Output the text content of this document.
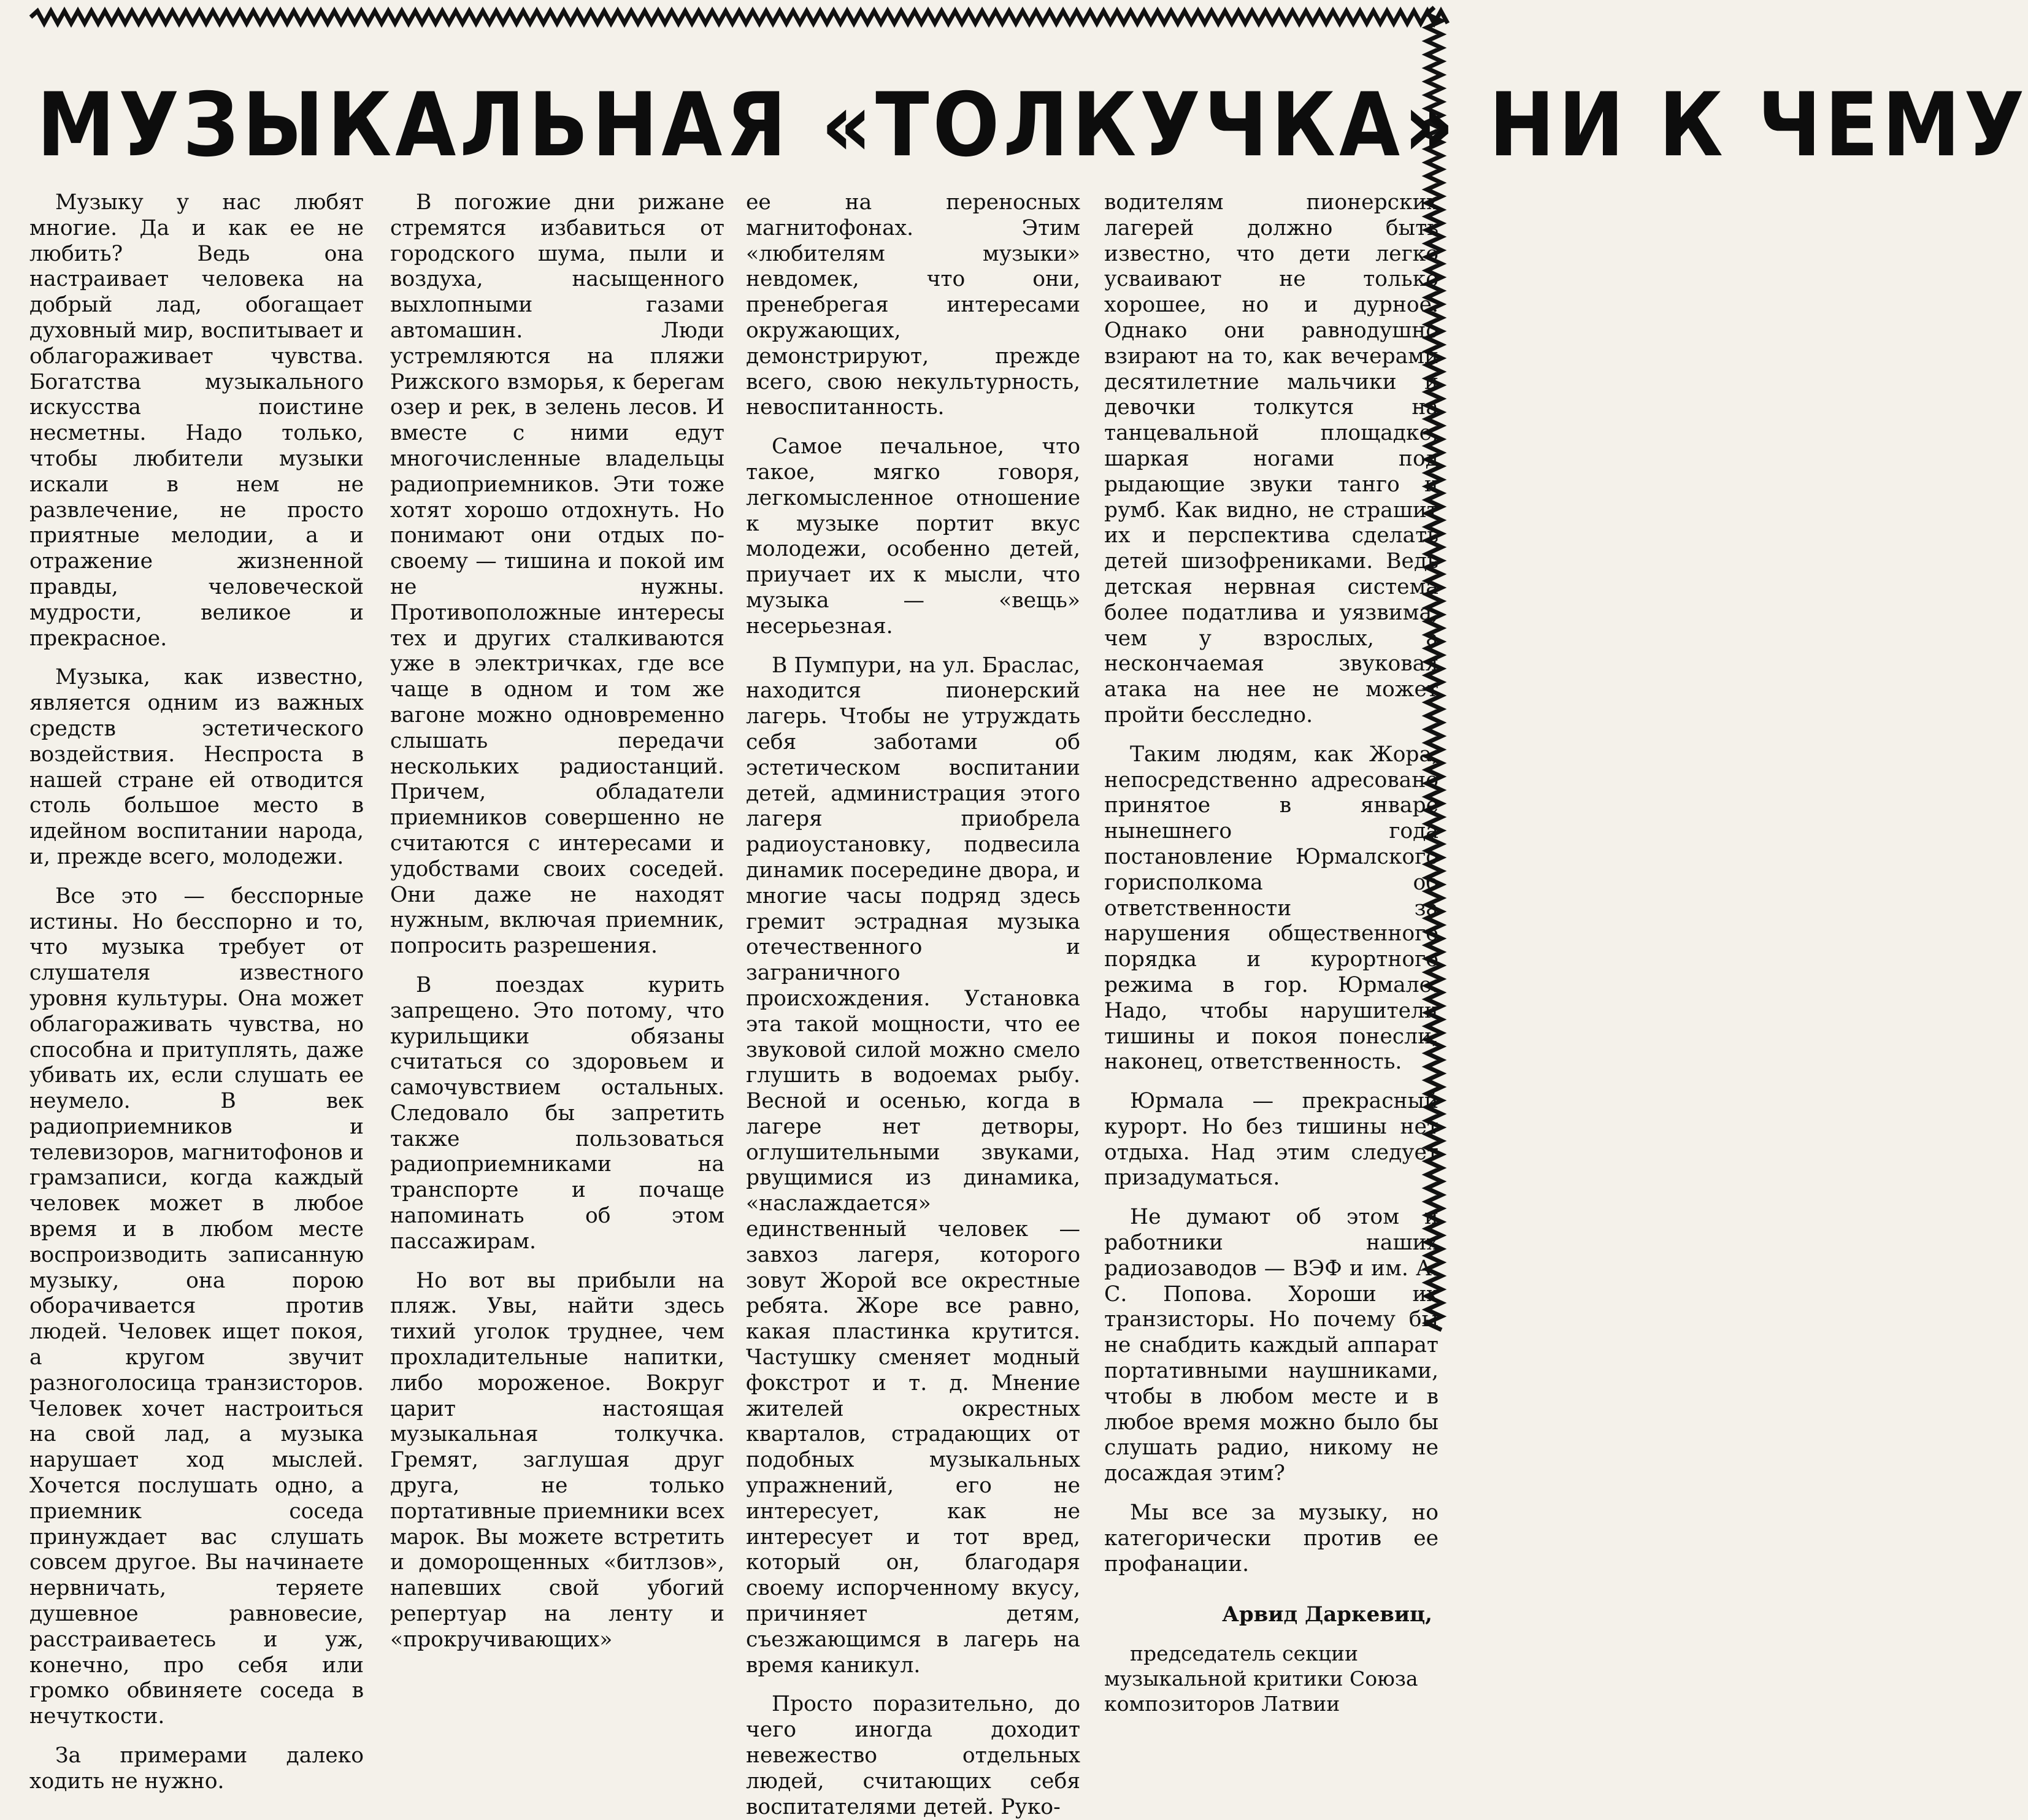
МУЗЫКАЛЬНАЯ «ТОЛКУЧКА» НИ К ЧЕМУ

Музыку у нас любят многие. Да и как ее не любить? Ведь она настраивает человека на добрый лад, обогащает духовный мир, воспитывает и облагораживает чувства. Богатства музыкального искусства поистине несметны. Надо только, чтобы любители музыки искали в нем не развлечение, не просто приятные мелодии, а и отражение жизненной правды, человеческой мудрости, великое и прекрасное.

Музыка, как известно, является одним из важных средств эстетического воздействия. Неспроста в нашей стране ей отводится столь большое место в идейном воспитании народа, и, прежде всего, молодежи.

Все это — бесспорные истины. Но бесспорно и то, что музыка требует от слушателя известного уровня культуры. Она может облагораживать чувства, но способна и притуплять, даже убивать их, если слушать ее неумело. В век радиоприемников и телевизоров, магнитофонов и грамзаписи, когда каждый человек может в любое время и в любом месте воспроизводить записанную музыку, она порою оборачивается против людей. Человек ищет покоя, а кругом звучит разноголосица транзисторов. Человек хочет настроиться на свой лад, а музыка нарушает ход мыслей. Хочется послушать одно, а приемник соседа принуждает вас слушать совсем другое. Вы начинаете нервничать, теряете душевное равновесие, расстраиваетесь и уж, конечно, про себя или громко обвиняете соседа в нечуткости.

За примерами далеко ходить не нужно.

В погожие дни рижане стремятся избавиться от городского шума, пыли и воздуха, насыщенного выхлопными газами автомашин. Люди устремляются на пляжи Рижского взморья, к берегам озер и рек, в зелень лесов. И вместе с ними едут многочисленные владельцы радиоприемников. Эти тоже хотят хорошо отдохнуть. Но понимают они отдых по-своему — тишина и покой им не нужны. Противоположные интересы тех и других сталкиваются уже в электричках, где все чаще в одном и том же вагоне можно одновременно слышать передачи нескольких радиостанций. Причем, обладатели приемников совершенно не считаются с интересами и удобствами своих соседей. Они даже не находят нужным, включая приемник, попросить разрешения.

В поездах курить запрещено. Это потому, что курильщики обязаны считаться со здоровьем и самочувствием остальных. Следовало бы запретить также пользоваться радиоприемниками на транспорте и почаще напоминать об этом пассажирам.

Но вот вы прибыли на пляж. Увы, найти здесь тихий уголок труднее, чем прохладительные напитки, либо мороженое. Вокруг царит настоящая музыкальная толкучка. Гремят, заглушая друг друга, не только портативные приемники всех марок. Вы можете встретить и доморощенных «битлзов», напевших свой убогий репертуар на ленту и «прокручивающих»

ее на переносных магнитофонах. Этим «любителям музыки» невдомек, что они, пренебрегая интересами окружающих, демонстрируют, прежде всего, свою некультурность, невоспитанность.

Самое печальное, что такое, мягко говоря, легкомысленное отношение к музыке портит вкус молодежи, особенно детей, приучает их к мысли, что музыка — «вещь» несерьезная.

В Пумпури, на ул. Браслас, находится пионерский лагерь. Чтобы не утруждать себя заботами об эстетическом воспитании детей, администрация этого лагеря приобрела радиоустановку, подвесила динамик посередине двора, и многие часы подряд здесь гремит эстрадная музыка отечественного и заграничного происхождения. Установка эта такой мощности, что ее звуковой силой можно смело глушить в водоемах рыбу. Весной и осенью, когда в лагере нет детворы, оглушительными звуками, рвущимися из динамика, «наслаждается» единственный человек — завхоз лагеря, которого зовут Жорой все окрестные ребята. Жоре все равно, какая пластинка крутится. Частушку сменяет модный фокстрот и т. д. Мнение жителей окрестных кварталов, страдающих от подобных музыкальных упражнений, его не интересует, как не интересует и тот вред, который он, благодаря своему испорченному вкусу, причиняет детям, съезжающимся в лагерь на время каникул.

Просто поразительно, до чего иногда доходит невежество отдельных людей, считающих себя воспитателями детей. Руко-

водителям пионерских лагерей должно быть известно, что дети легко усваивают не только хорошее, но и дурное. Однако они равнодушно взирают на то, как вечерами десятилетние мальчики и девочки толкутся на танцевальной площадке, шаркая ногами под рыдающие звуки танго и румб. Как видно, не страшит их и перспектива сделать детей шизофрениками. Ведь детская нервная система более податлива и уязвима, чем у взрослых, а нескончаемая звуковая атака на нее не может пройти бесследно.

Таким людям, как Жора, непосредственно адресовано принятое в январе нынешнего года постановление Юрмалского горисполкома об ответственности за нарушения общественного порядка и курортного режима в гор. Юрмале. Надо, чтобы нарушители тишины и покоя понесли, наконец, ответственность.

Юрмала — прекрасный курорт. Но без тишины нет отдыха. Над этим следует призадуматься.

Не думают об этом и работники наших радиозаводов — ВЭФ и им. А. С. Попова. Хороши их транзисторы. Но почему бы не снабдить каждый аппарат портативными наушниками, чтобы в любом месте и в любое время можно было бы слушать радио, никому не досаждая этим?

Мы все за музыку, но категорически против ее профанации.

Арвид Даркевиц,

председатель секции музыкальной критики Союза композиторов Латвии
